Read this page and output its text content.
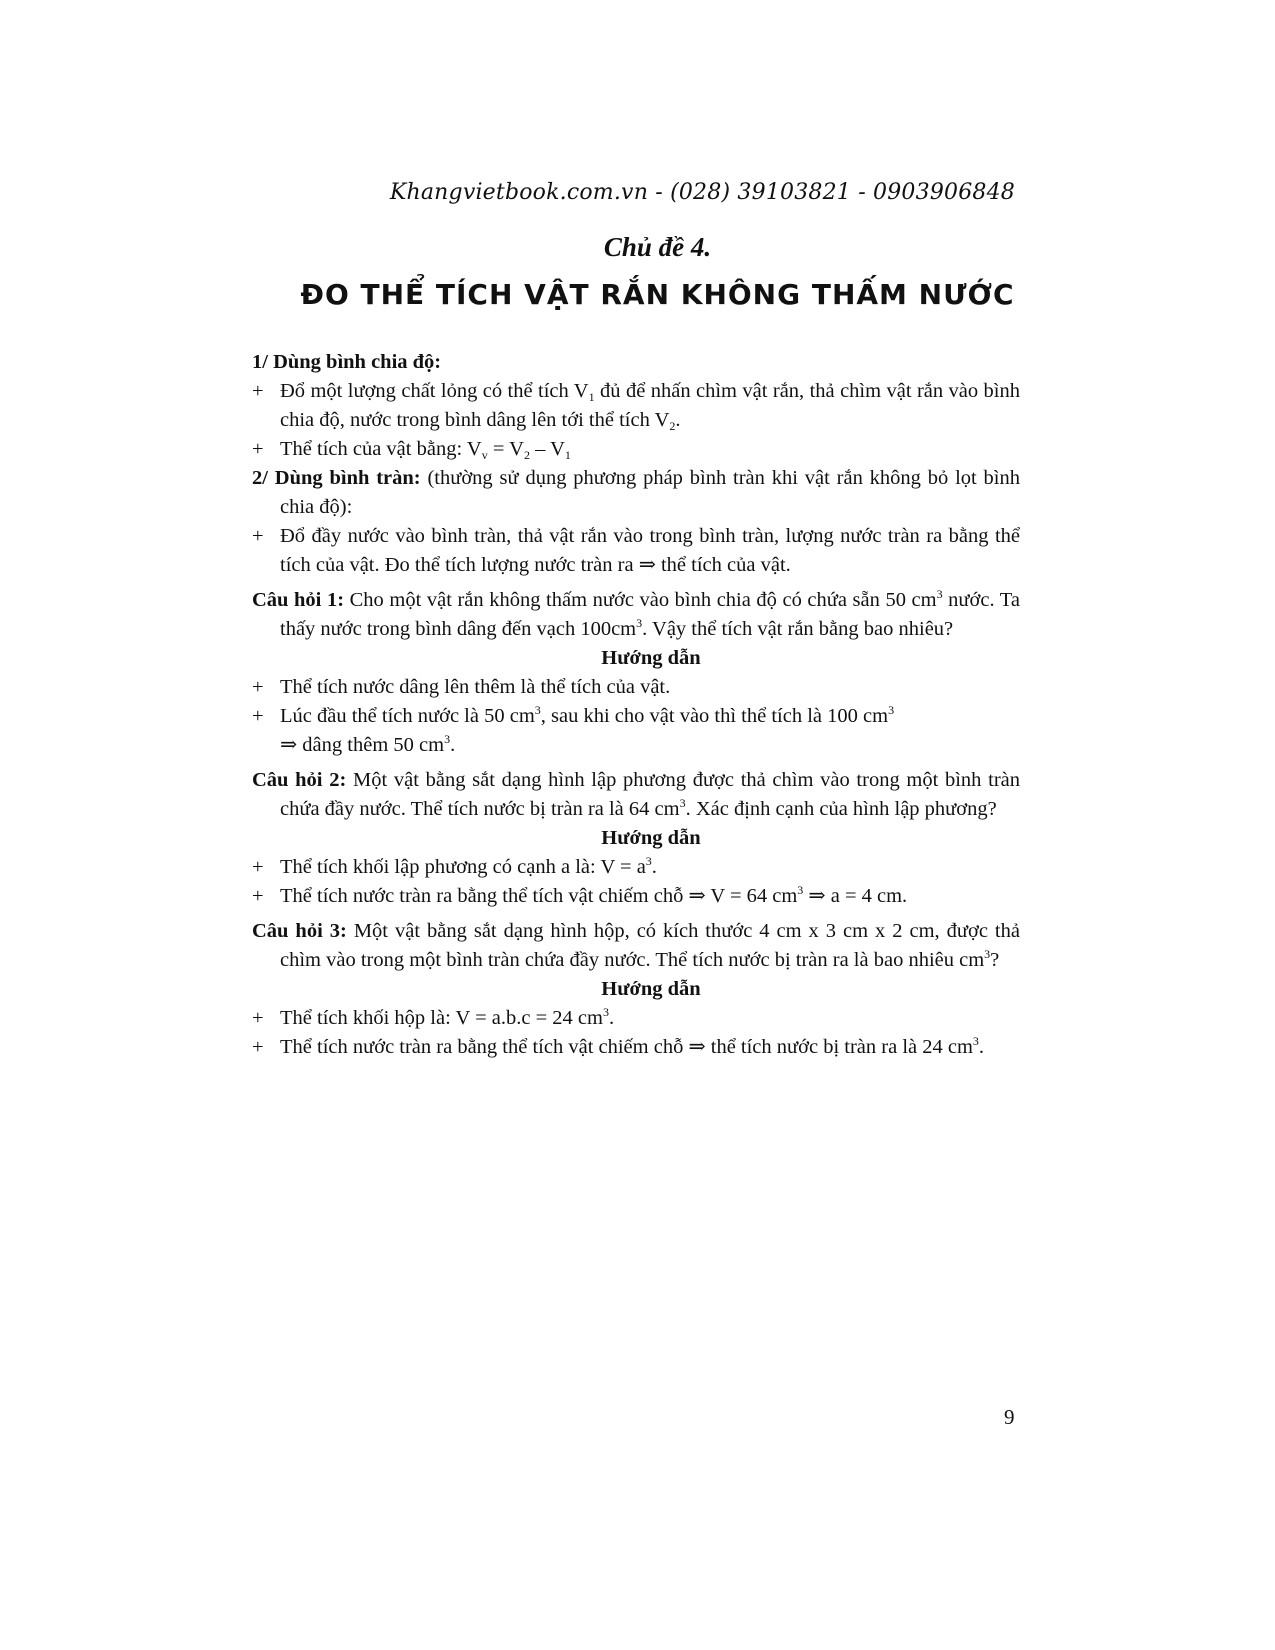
Khangvietbook.com.vn - (028) 39103821 - 0903906848
Chủ đề 4.
ĐO THỂ TÍCH VẬT RẮN KHÔNG THẤM NƯỚC

1/ Dùng bình chia độ:

+ Đổ một lượng chất lỏng có thể tích $V_1$ đủ để nhấn chìm vật rắn, thả chìm vật rắn vào bình chia độ, nước trong bình dâng lên tới thể tích $V_2$.

+ Thể tích của vật bằng: $V_v = V_2 - V_1$

2/ Dùng bình tràn: (thường sử dụng phương pháp bình tràn khi vật rắn không bỏ lọt bình chia độ):

+ Đổ đầy nước vào bình tràn, thả vật rắn vào trong bình tràn, lượng nước tràn ra bằng thể tích của vật. Đo thể tích lượng nước tràn ra ⇒ thể tích của vật.

Câu hỏi 1: Cho một vật rắn không thấm nước vào bình chia độ có chứa sẵn 50 $cm^3$ nước. Ta thấy nước trong bình dâng đến vạch $100cm^3$. Vậy thể tích vật rắn bằng bao nhiêu?

Hướng dẫn

+ Thể tích nước dâng lên thêm là thể tích của vật.

+ Lúc đầu thể tích nước là 50 $cm^3$, sau khi cho vật vào thì thể tích là 100 $cm^3$
⇒ dâng thêm 50 $cm^3$.

Câu hỏi 2: Một vật bằng sắt dạng hình lập phương được thả chìm vào trong một bình tràn chứa đầy nước. Thể tích nước bị tràn ra là 64 $cm^3$. Xác định cạnh của hình lập phương?

Hướng dẫn

+ Thể tích khối lập phương có cạnh a là: $V = a^3$.

+ Thể tích nước tràn ra bằng thể tích vật chiếm chỗ ⇒ V = 64 $cm^3$ ⇒ a = 4 cm.

Câu hỏi 3: Một vật bằng sắt dạng hình hộp, có kích thước 4 cm x 3 cm x 2 cm, được thả chìm vào trong một bình tràn chứa đầy nước. Thể tích nước bị tràn ra là bao nhiêu $cm^3$?

Hướng dẫn

+ Thể tích khối hộp là: V = a.b.c = 24 $cm^3$.

+ Thể tích nước tràn ra bằng thể tích vật chiếm chỗ ⇒ thể tích nước bị tràn ra là 24 $cm^3$.

9
